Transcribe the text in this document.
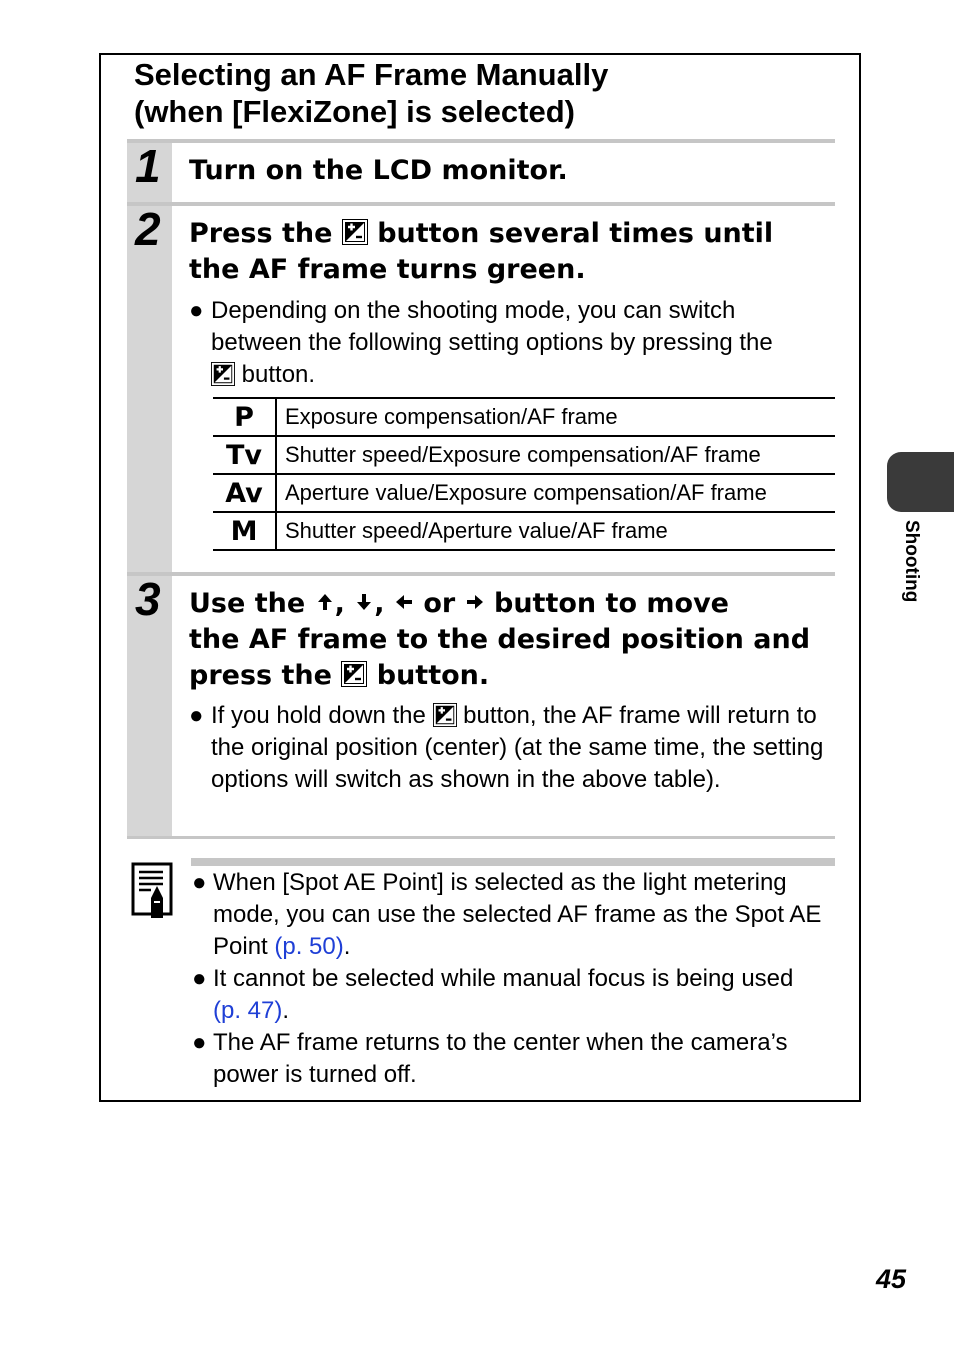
Selecting an AF Frame Manually
(when [FlexiZone] is selected)
1 Turn on the LCD monitor.
2 Press the button several times until the AF frame turns green.
● Depending on the shooting mode, you can switch between the following setting options by pressing the

button.
P	Exposure compensation/AF frame
Tv	Shutter speed/Exposure compensation/AF frame
Av	Aperture value/Exposure compensation/AF frame
M	Shutter speed/Aperture value/AF frame
3 Use the , , or button to move
the AF frame to the desired position and
press the button.
● If you hold down the button, the AF frame will return to the original position (center) (at the same time, the setting options will switch as shown in the above table).
● When [Spot AE Point] is selected as the light metering mode, you can use the selected AF frame as the Spot AE Point (p. 50).
● It cannot be selected while manual focus is being used
(p. 47).
● The AF frame returns to the center when the camera’s power is turned off.
Shooting
45
